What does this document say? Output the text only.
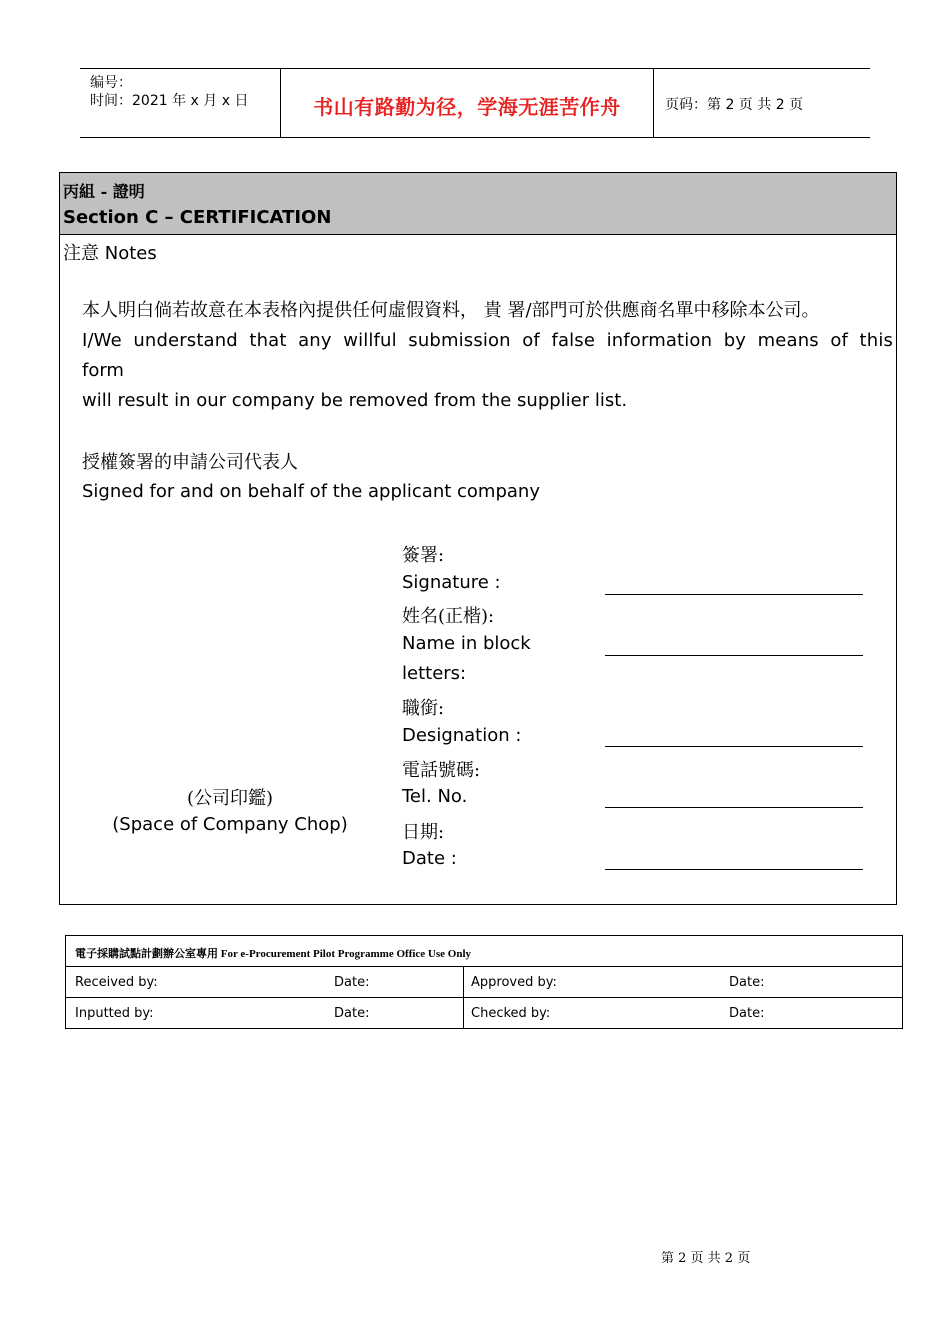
编号：
时间：2021 年 x 月 x 日	书山有路勤为径，学海无涯苦作舟	页码：第 2 页 共 2 页
丙組 - 證明
Section C – CERTIFICATION
注意 Notes
本人明白倘若故意在本表格內提供任何虛假資料， 貴 署/部門可於供應商名單中移除本公司。
I/We understand that any willful submission of false information by means of this
form
will result in our company be removed from the supplier list.
授權簽署的申請公司代表人
Signed for and on behalf of the applicant company
簽署:
Signature :
姓名(正楷):
Name in block
letters:
職銜:
Designation :
電話號碼:
Tel. No.
日期:
Date :
(公司印鑑)
(Space of Company Chop)
電子採購試點計劃辦公室專用 For e-Procurement Pilot Programme Office Use Only
Received by:	Date:	Approved by:	Date:
Inputted by:	Date:	Checked by:	Date:
第 2 页 共 2 页
